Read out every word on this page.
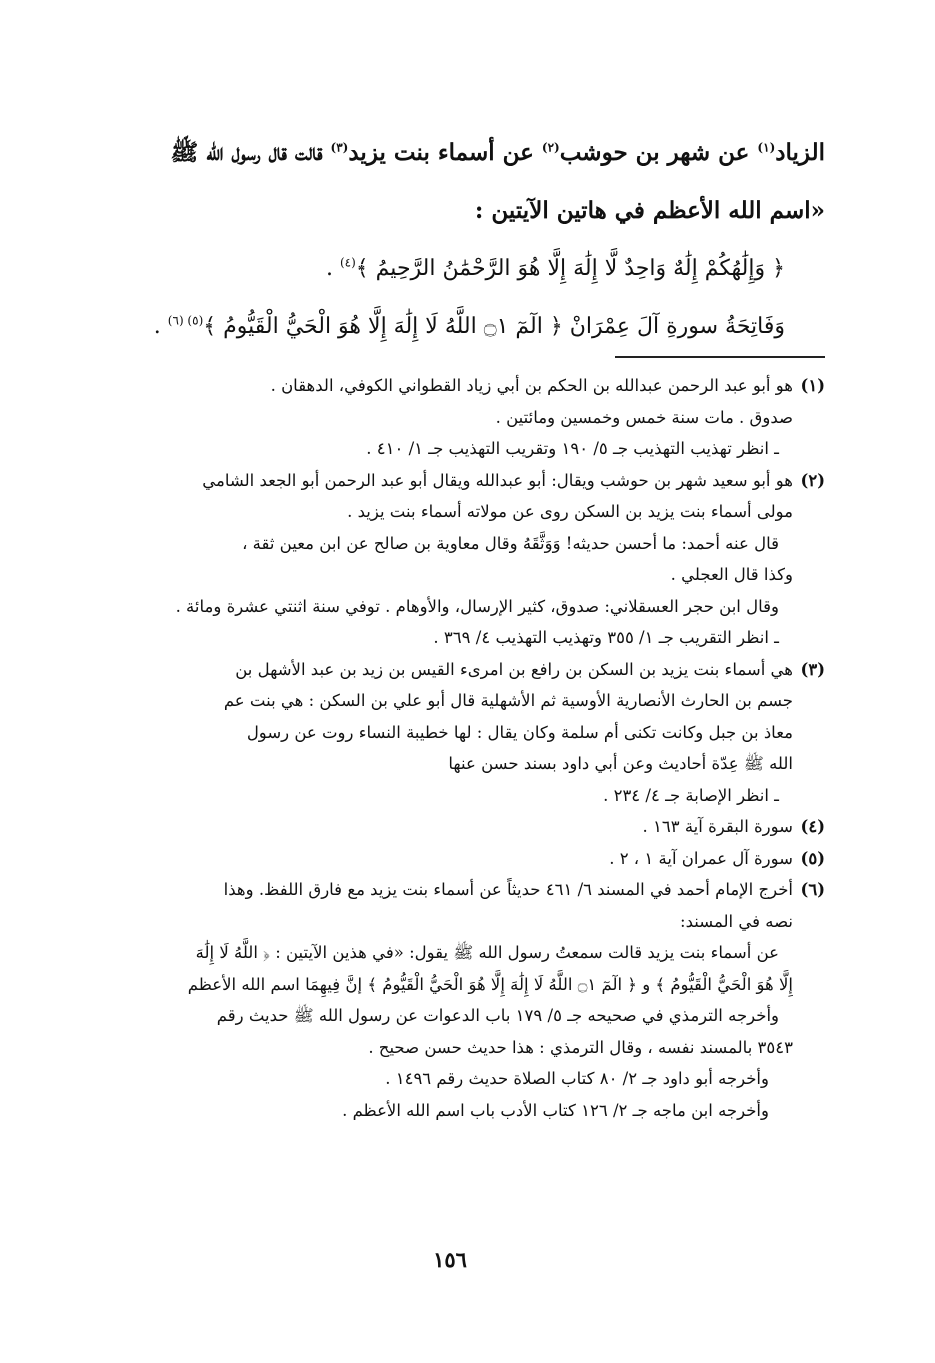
الزياد$^{(١)}$ عن شهر بن حوشب$^{(٢)}$ عن أسماء بنت يزيد$^{(٣)}$ قالت قال رسول الله ﷺ

«اسم الله الأعظم في هاتين الآيتين :

﴿ وَإِلَٰهُكُمْ إِلَٰهٌ وَاحِدٌ لَّا إِلَٰهَ إِلَّا هُوَ الرَّحْمَٰنُ الرَّحِيمُ ﴾$^{(٤)}$ .

وَفَاتِحَةُ سورةِ آلَ عِمْرَانْ ﴿ الٓمٓ ۝١ اللَّهُ لَا إِلَٰهَ إِلَّا هُوَ الْحَيُّ الْقَيُّومُ ﴾$^{(٥) (٦)}$ .

(١)
هو أبو عبد الرحمن عبدالله بن الحكم بن أبي زياد القطواني الكوفي، الدهقان .
صدوق . مات سنة خمس وخمسين ومائتين .
ـ انظر تهذيب التهذيب جـ ٥/ ١٩٠ وتقريب التهذيب جـ ١/ ٤١٠ .
(٢)
هو أبو سعيد شهر بن حوشب ويقال: أبو عبدالله ويقال أبو عبد الرحمن أبو الجعد الشامي
مولى أسماء بنت يزيد بن السكن روى عن مولاته أسماء بنت يزيد .
قال عنه أحمد: ما أحسن حديثه! وَوَثَّقَهُ وقال معاوية بن صالح عن ابن معين ثقة ،
وكذا قال العجلي .
وقال ابن حجر العسقلاني: صدوق، كثير الإرسال، والأوهام . توفي سنة اثنتي عشرة ومائة .
ـ انظر التقريب جـ ١/ ٣٥٥ وتهذيب التهذيب ٤/ ٣٦٩ .
(٣)
هي أسماء بنت يزيد بن السكن بن رافع بن امرىء القيس بن زيد بن عبد الأشهل بن
جسم بن الحارث الأنصارية الأوسية ثم الأشهلية قال أبو علي بن السكن : هي بنت عم
معاذ بن جبل وكانت تكنى أم سلمة وكان يقال : لها خطيبة النساء روت عن رسول
الله ﷺ عِدّة أحاديث وعن أبي داود بسند حسن عنها
ـ انظر الإصابة جـ ٤/ ٢٣٤ .
(٤)
سورة البقرة آية ١٦٣ .
(٥)
سورة آل عمران آية ١ ، ٢ .
(٦)
أخرج الإمام أحمد في المسند ٦/ ٤٦١ حديثاً عن أسماء بنت يزيد مع فارق اللفظ. وهذا
نصه في المسند:
عن أسماء بنت يزيد قالت سمعتُ رسول الله ﷺ يقول: «في هذين الآيتين : ﴿ اللَّهُ لَا إِلَٰهَ
إِلَّا هُوَ الْحَيُّ الْقَيُّومُ ﴾ و ﴿ الٓمٓ ۝١ اللَّهُ لَا إِلَٰهَ إِلَّا هُوَ الْحَيُّ الْقَيُّومُ ﴾ إنَّ فِيهِمَا اسم الله الأعظم
وأخرجه الترمذي في صحيحه جـ ٥/ ١٧٩ باب الدعوات عن رسول الله ﷺ حديث رقم
٣٥٤٣ بالمسند نفسه ، وقال الترمذي : هذا حديث حسن صحيح .
وأخرجه أبو داود جـ ٢/ ٨٠ كتاب الصلاة حديث رقم ١٤٩٦ .
وأخرجه ابن ماجه جـ ٢/ ١٢٦ كتاب الأدب باب اسم الله الأعظم .
١٥٦
